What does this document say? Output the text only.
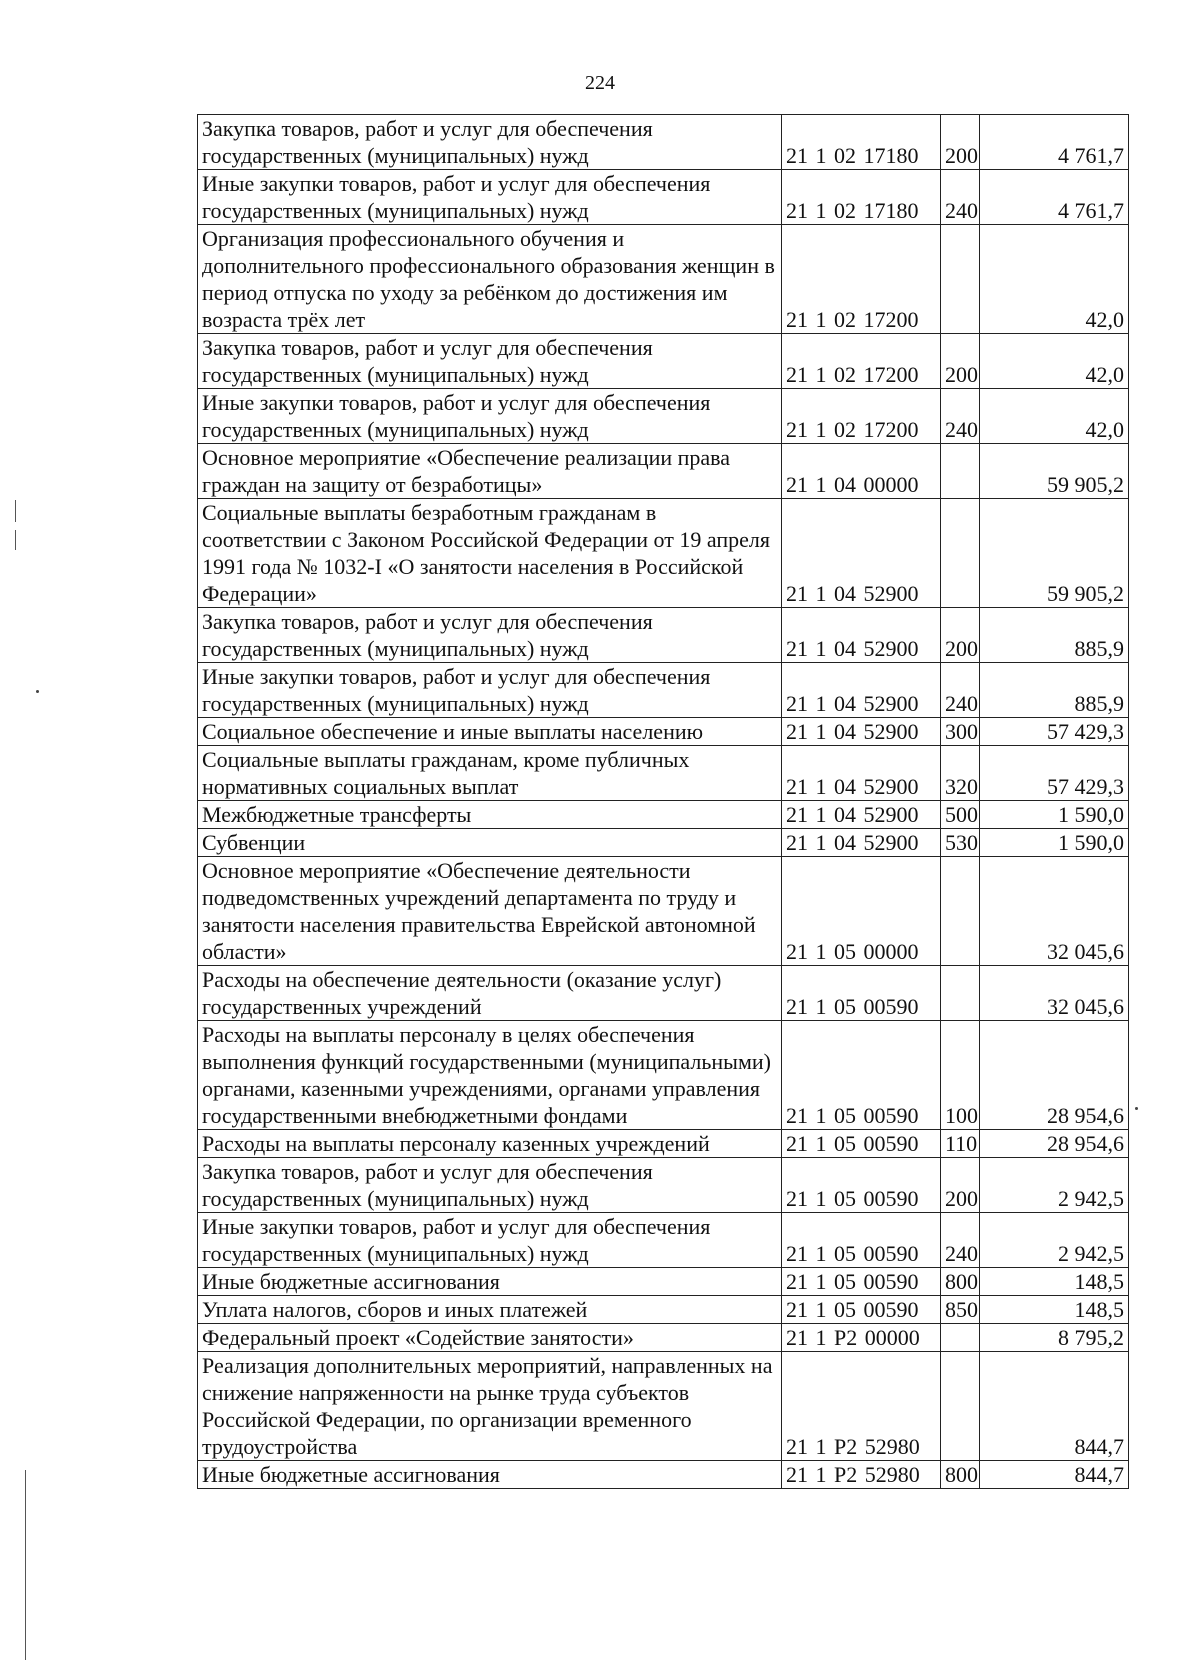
224
Закупка товаров, работ и услуг для обеспечения государственных (муниципальных) нужд	21 1 02 17180	200	4 761,7
Иные закупки товаров, работ и услуг для обеспечения государственных (муниципальных) нужд	21 1 02 17180	240	4 761,7
Организация профессионального обучения и дополнительного профессионального образования женщин в период отпуска по уходу за ребёнком до достижения им возраста трёх лет	21 1 02 17200		42,0
Закупка товаров, работ и услуг для обеспечения государственных (муниципальных) нужд	21 1 02 17200	200	42,0
Иные закупки товаров, работ и услуг для обеспечения государственных (муниципальных) нужд	21 1 02 17200	240	42,0
Основное мероприятие «Обеспечение реализации права граждан на защиту от безработицы»	21 1 04 00000		59 905,2
Социальные выплаты безработным гражданам в соответствии с Законом Российской Федерации от 19 апреля 1991 года № 1032-I «О занятости населения в Российской Федерации»	21 1 04 52900		59 905,2
Закупка товаров, работ и услуг для обеспечения государственных (муниципальных) нужд	21 1 04 52900	200	885,9
Иные закупки товаров, работ и услуг для обеспечения государственных (муниципальных) нужд	21 1 04 52900	240	885,9
Социальное обеспечение и иные выплаты населению	21 1 04 52900	300	57 429,3
Социальные выплаты гражданам, кроме публичных нормативных социальных выплат	21 1 04 52900	320	57 429,3
Межбюджетные трансферты	21 1 04 52900	500	1 590,0
Субвенции	21 1 04 52900	530	1 590,0
Основное мероприятие «Обеспечение деятельности подведомственных учреждений департамента по труду и занятости населения правительства Еврейской автономной области»	21 1 05 00000		32 045,6
Расходы на обеспечение деятельности (оказание услуг) государственных учреждений	21 1 05 00590		32 045,6
Расходы на выплаты персоналу в целях обеспечения выполнения функций государственными (муниципальными) органами, казенными учреждениями, органами управления государственными внебюджетными фондами	21 1 05 00590	100	28 954,6
Расходы на выплаты персоналу казенных учреждений	21 1 05 00590	110	28 954,6
Закупка товаров, работ и услуг для обеспечения государственных (муниципальных) нужд	21 1 05 00590	200	2 942,5
Иные закупки товаров, работ и услуг для обеспечения государственных (муниципальных) нужд	21 1 05 00590	240	2 942,5
Иные бюджетные ассигнования	21 1 05 00590	800	148,5
Уплата налогов, сборов и иных платежей	21 1 05 00590	850	148,5
Федеральный проект «Содействие занятости»	21 1 P2 00000		8 795,2
Реализация дополнительных мероприятий, направленных на снижение напряженности на рынке труда субъектов Российской Федерации, по организации временного трудоустройства	21 1 P2 52980		844,7
Иные бюджетные ассигнования	21 1 P2 52980	800	844,7
